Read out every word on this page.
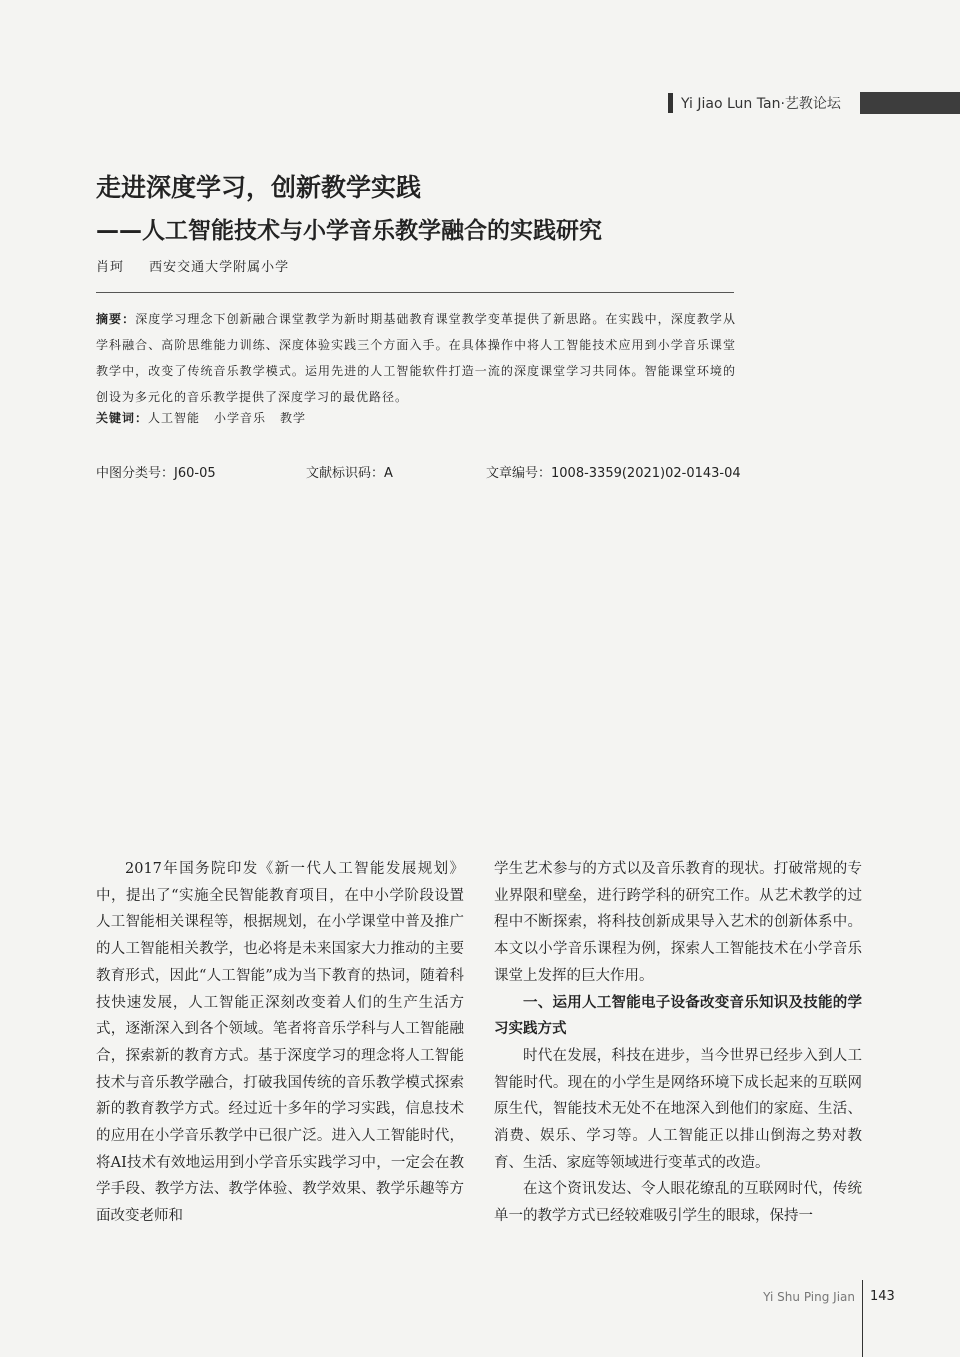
Yi Jiao Lun Tan·艺教论坛
走进深度学习，创新教学实践
——人工智能技术与小学音乐教学融合的实践研究
肖珂 西安交通大学附属小学
摘要：深度学习理念下创新融合课堂教学为新时期基础教育课堂教学变革提供了新思路。在实践中，深度教学从学科融合、高阶思维能力训练、深度体验实践三个方面入手。在具体操作中将人工智能技术应用到小学音乐课堂教学中，改变了传统音乐教学模式。运用先进的人工智能软件打造一流的深度课堂学习共同体。智能课堂环境的创设为多元化的音乐教学提供了深度学习的最优路径。
关键词：人工智能 小学音乐 教学
中图分类号：J60-05	文献标识码：A	文章编号：1008-3359(2021)02-0143-04

2017年国务院印发《新一代人工智能发展规划》中，提出了“实施全民智能教育项目，在中小学阶段设置人工智能相关课程等，根据规划，在小学课堂中普及推广的人工智能相关教学，也必将是未来国家大力推动的主要教育形式，因此“人工智能”成为当下教育的热词，随着科技快速发展，人工智能正深刻改变着人们的生产生活方式，逐渐深入到各个领域。笔者将音乐学科与人工智能融合，探索新的教育方式。基于深度学习的理念将人工智能技术与音乐教学融合，打破我国传统的音乐教学模式探索新的教育教学方式。经过近十多年的学习实践，信息技术的应用在小学音乐教学中已很广泛。进入人工智能时代，将AI技术有效地运用到小学音乐实践学习中，一定会在教学手段、教学方法、教学体验、教学效果、教学乐趣等方面改变老师和

学生艺术参与的方式以及音乐教育的现状。打破常规的专业界限和壁垒，进行跨学科的研究工作。从艺术教学的过程中不断探索，将科技创新成果导入艺术的创新体系中。本文以小学音乐课程为例，探索人工智能技术在小学音乐课堂上发挥的巨大作用。

一、运用人工智能电子设备改变音乐知识及技能的学习实践方式

时代在发展，科技在进步，当今世界已经步入到人工智能时代。现在的小学生是网络环境下成长起来的互联网原生代，智能技术无处不在地深入到他们的家庭、生活、消费、娱乐、学习等。人工智能正以排山倒海之势对教育、生活、家庭等领域进行变革式的改造。

在这个资讯发达、令人眼花缭乱的互联网时代，传统单一的教学方式已经较难吸引学生的眼球，保持一

Yi Shu Ping Jian 143
